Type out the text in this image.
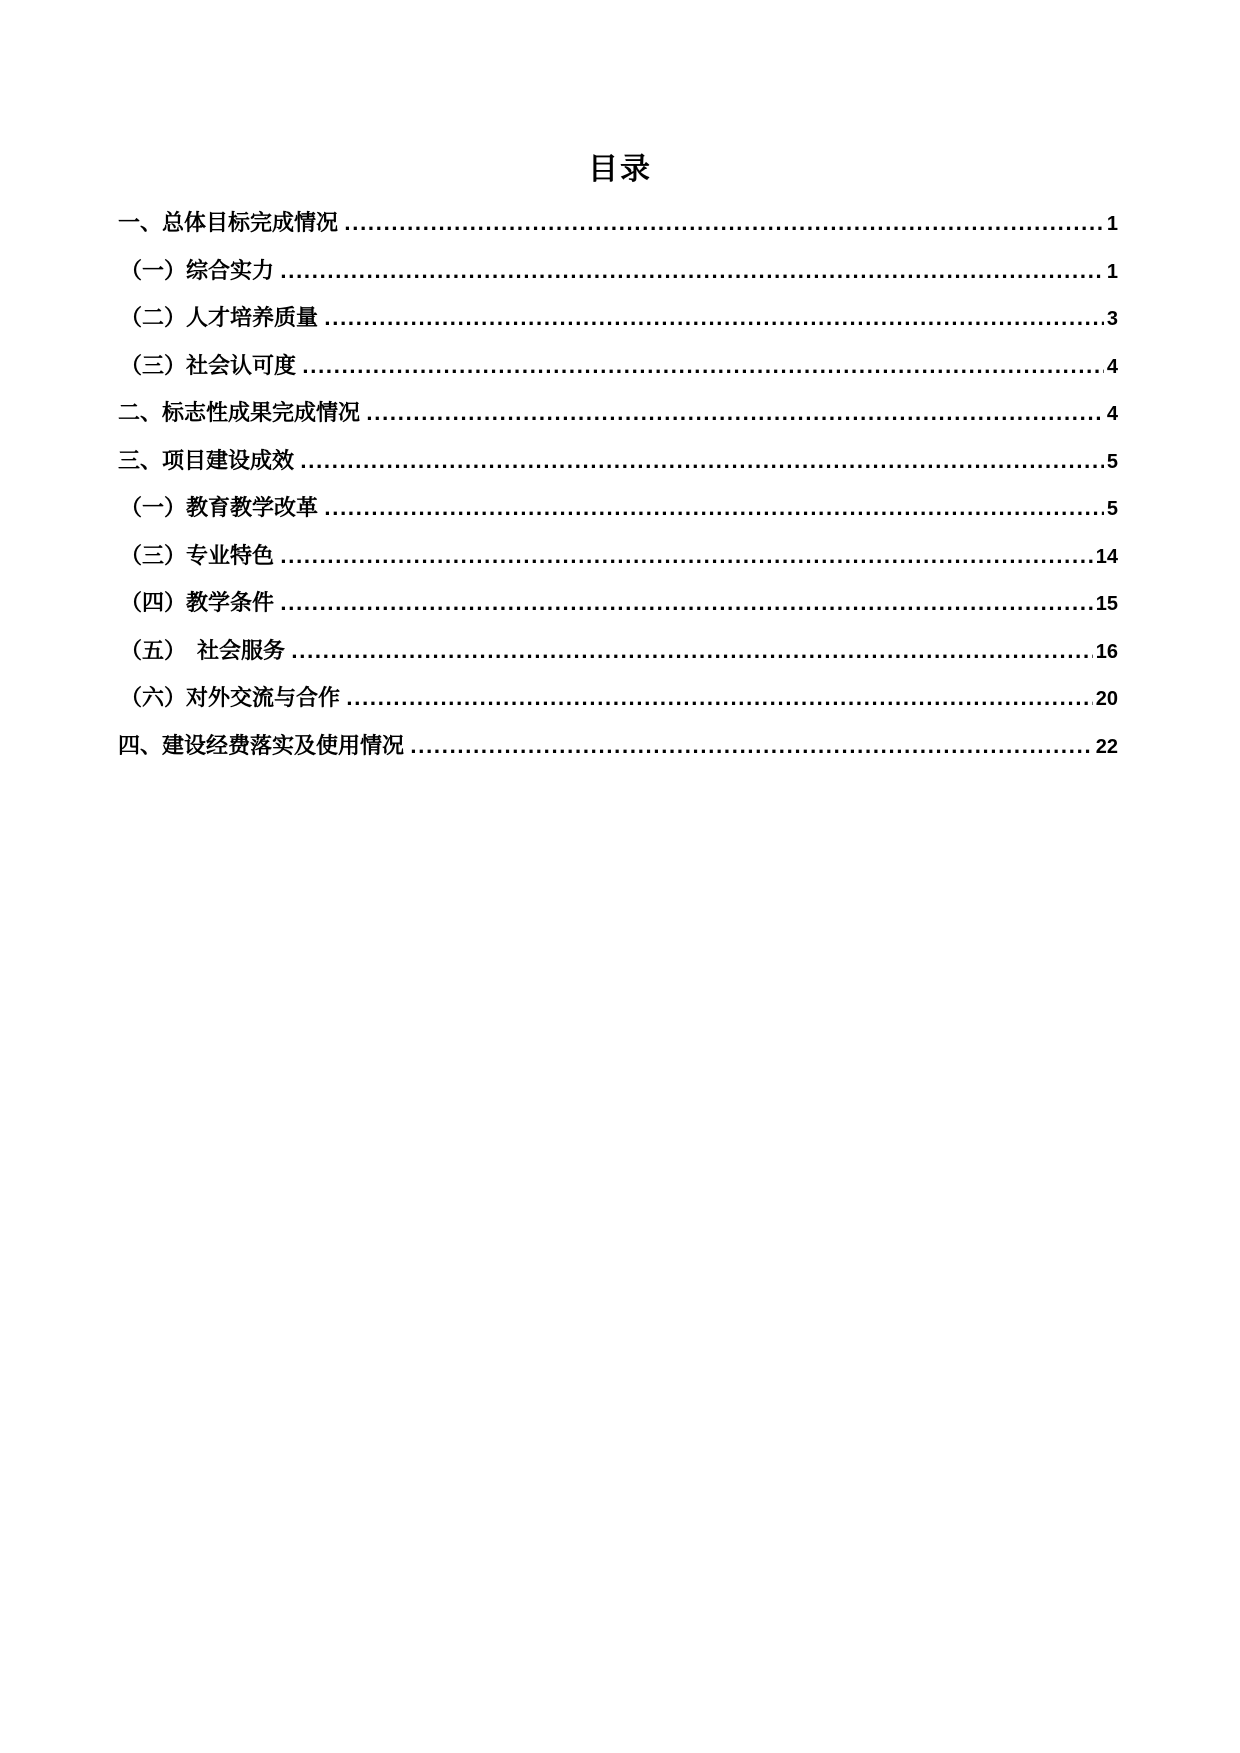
目录
一、总体目标完成情况 .....	1
（一）综合实力 .....	1
（二）人才培养质量 .....	3
（三）社会认可度 .....	4
二、标志性成果完成情况 .....	4
三、项目建设成效 .....	5
（一）教育教学改革 .....	5
（三）专业特色 .....	14
（四）教学条件 .....	15
（五）　社会服务 .....	16
（六）对外交流与合作 .....	20
四、建设经费落实及使用情况 .....	22
